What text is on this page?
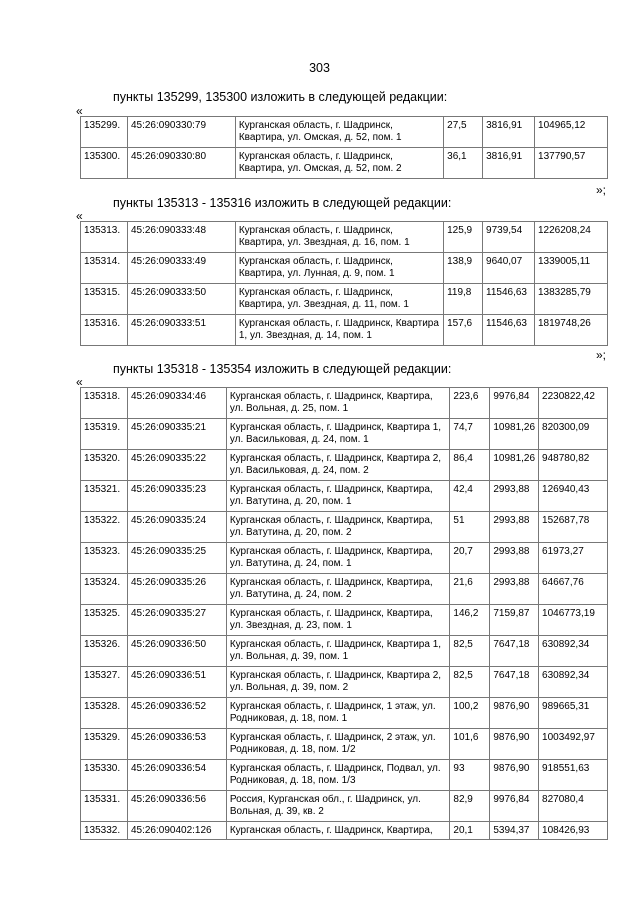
303
пункты 135299, 135300 изложить в следующей редакции:
«
135299.	45:26:090330:79	Курганская область, г. Шадринск, Квартира, ул. Омская, д. 52, пом. 1	27,5	3816,91	104965,12
135300.	45:26:090330:80	Курганская область, г. Шадринск, Квартира, ул. Омская, д. 52, пом. 2	36,1	3816,91	137790,57
»;
пункты 135313 - 135316 изложить в следующей редакции:
«
135313.	45:26:090333:48	Курганская область, г. Шадринск, Квартира, ул. Звездная, д. 16, пом. 1	125,9	9739,54	1226208,24
135314.	45:26:090333:49	Курганская область, г. Шадринск, Квартира, ул. Лунная, д. 9, пом. 1	138,9	9640,07	1339005,11
135315.	45:26:090333:50	Курганская область, г. Шадринск, Квартира, ул. Звездная, д. 11, пом. 1	119,8	11546,63	1383285,79
135316.	45:26:090333:51	Курганская область, г. Шадринск, Квартира 1, ул. Звездная, д. 14, пом. 1	157,6	11546,63	1819748,26
»;
пункты 135318 - 135354 изложить в следующей редакции:
«
135318.	45:26:090334:46	Курганская область, г. Шадринск, Квартира, ул. Вольная, д. 25, пом. 1	223,6	9976,84	2230822,42
135319.	45:26:090335:21	Курганская область, г. Шадринск, Квартира 1, ул. Васильковая, д. 24, пом. 1	74,7	10981,26	820300,09
135320.	45:26:090335:22	Курганская область, г. Шадринск, Квартира 2, ул. Васильковая, д. 24, пом. 2	86,4	10981,26	948780,82
135321.	45:26:090335:23	Курганская область, г. Шадринск, Квартира, ул. Ватутина, д. 20, пом. 1	42,4	2993,88	126940,43
135322.	45:26:090335:24	Курганская область, г. Шадринск, Квартира, ул. Ватутина, д. 20, пом. 2	51	2993,88	152687,78
135323.	45:26:090335:25	Курганская область, г. Шадринск, Квартира, ул. Ватутина, д. 24, пом. 1	20,7	2993,88	61973,27
135324.	45:26:090335:26	Курганская область, г. Шадринск, Квартира, ул. Ватутина, д. 24, пом. 2	21,6	2993,88	64667,76
135325.	45:26:090335:27	Курганская область, г. Шадринск, Квартира, ул. Звездная, д. 23, пом. 1	146,2	7159,87	1046773,19
135326.	45:26:090336:50	Курганская область, г. Шадринск, Квартира 1, ул. Вольная, д. 39, пом. 1	82,5	7647,18	630892,34
135327.	45:26:090336:51	Курганская область, г. Шадринск, Квартира 2, ул. Вольная, д. 39, пом. 2	82,5	7647,18	630892,34
135328.	45:26:090336:52	Курганская область, г. Шадринск, 1 этаж, ул. Родниковая, д. 18, пом. 1	100,2	9876,90	989665,31
135329.	45:26:090336:53	Курганская область, г. Шадринск, 2 этаж, ул. Родниковая, д. 18, пом. 1/2	101,6	9876,90	1003492,97
135330.	45:26:090336:54	Курганская область, г. Шадринск, Подвал, ул. Родниковая, д. 18, пом. 1/3	93	9876,90	918551,63
135331.	45:26:090336:56	Россия, Курганская обл., г. Шадринск, ул. Вольная, д. 39, кв. 2	82,9	9976,84	827080,4
135332.	45:26:090402:126	Курганская область, г. Шадринск, Квартира,	20,1	5394,37	108426,93
